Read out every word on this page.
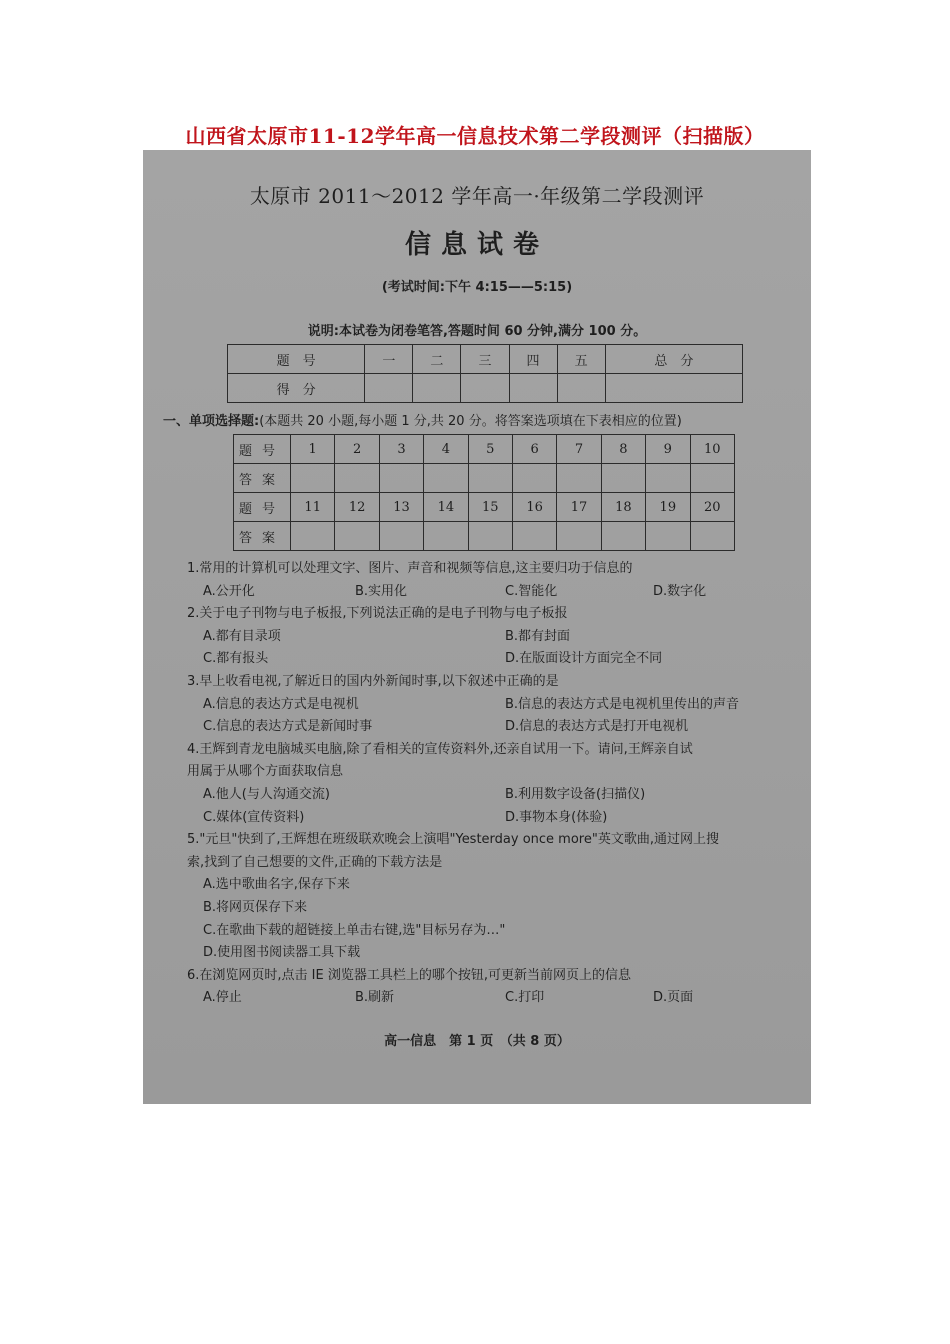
山西省太原市11-12学年高一信息技术第二学段测评（扫描版）
太原市 2011～2012 学年高一·年级第二学段测评
信息试卷
(考试时间:下午 4:15——5:15)
说明:本试卷为闭卷笔答,答题时间 60 分钟,满分 100 分。
题　号	一	二	三	四	五	总　分
得　分						
一、单项选择题:(本题共 20 小题,每小题 1 分,共 20 分。将答案选项填在下表相应的位置)
题号	1	2	3	4	5	6	7	8	9	10
答案										
题号	11	12	13	14	15	16	17	18	19	20
答案										
1.常用的计算机可以处理文字、图片、声音和视频等信息,这主要归功于信息的
A.公开化	B.实用化	C.智能化	D.数字化
2.关于电子刊物与电子板报,下列说法正确的是电子刊物与电子板报
A.都有目录项	B.都有封面
C.都有报头	D.在版面设计方面完全不同
3.早上收看电视,了解近日的国内外新闻时事,以下叙述中正确的是
A.信息的表达方式是电视机	B.信息的表达方式是电视机里传出的声音
C.信息的表达方式是新闻时事	D.信息的表达方式是打开电视机
4.王辉到青龙电脑城买电脑,除了看相关的宣传资料外,还亲自试用一下。请问,王辉亲自试
用属于从哪个方面获取信息
A.他人(与人沟通交流)	B.利用数字设备(扫描仪)
C.媒体(宣传资料)	D.事物本身(体验)
5."元旦"快到了,王辉想在班级联欢晚会上演唱"Yesterday once more"英文歌曲,通过网上搜
索,找到了自己想要的文件,正确的下载方法是
A.选中歌曲名字,保存下来
B.将网页保存下来
C.在歌曲下载的超链接上单击右键,选"目标另存为…"
D.使用图书阅读器工具下载
6.在浏览网页时,点击 IE 浏览器工具栏上的哪个按钮,可更新当前网页上的信息
A.停止	B.刷新	C.打印	D.页面
高一信息　第 1 页　（共 8 页）
